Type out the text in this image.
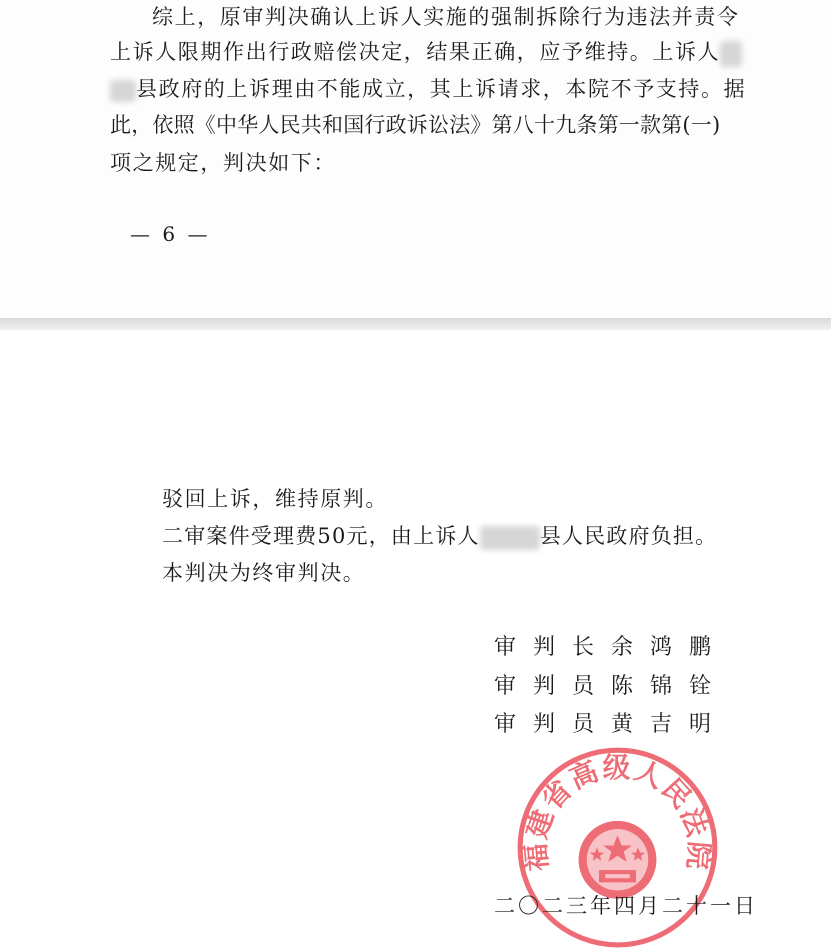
综上，原审判决确认上诉人实施的强制拆除行为违法并责令
上诉人限期作出行政赔偿决定，结果正确，应予维持。上诉人
县政府的上诉理由不能成立，其上诉请求，本院不予支持。据
此，依照《中华人民共和国行政诉讼法》第八十九条第一款第(一)
项之规定，判决如下：
— 6 —
驳回上诉，维持原判。
二审案件受理费50元，由上诉人	县人民政府负担。
本判决为终审判决。
审判长余鸿鹏
审判员陈锦铨
审判员黄吉明
福建省高级人民法院
二〇二三年四月二十一日
